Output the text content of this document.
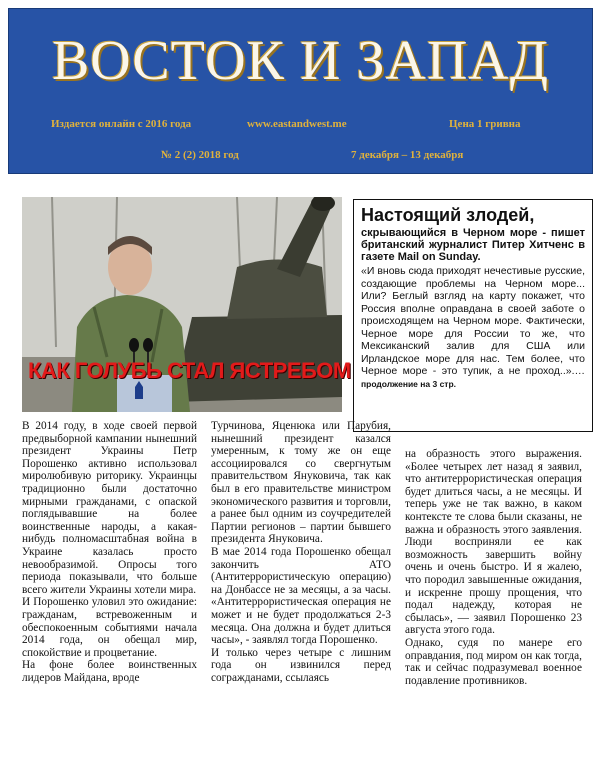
ВОСТОК И ЗАПАД
Издается онлайн с 2016 года	www.eastandwest.me	Цена 1 гривна
№ 2 (2) 2018 год	7 декабря – 13 декабря
КАК ГОЛУБЬ СТАЛ ЯСТРЕБОМ
Настоящий злодей,
скрывающийся в Черном море - пишет британский журналист Питер Хитченс в газете Mail on Sunday.
«И вновь сюда приходят нечестивые русские, создающие проблемы на Черном море... Или? Беглый взгляд на карту покажет, что Россия вполне оправдана в своей заботе о происходящем на Черном море. Фактически, Черное море для России то же, что Мексиканский залив для США или Ирландское море для нас. Тем более, что Черное море - это тупик, а не проход..».… продолжение на 3 стр.

В 2014 году, в ходе своей первой предвыборной кампании нынешний президент Украины Петр Порошенко активно использовал миролюбивую риторику. Украинцы традиционно были достаточно мирными гражданами, с опаской поглядывавшие на более воинственные народы, а какая-нибудь полномасштабная война в Украине казалась просто невообразимой. Опросы того периода показывали, что больше всего жители Украины хотели мира.

И Порошенко уловил это ожидание: гражданам, встревоженным и обеспокоенным событиями начала 2014 года, он обещал мир, спокойствие и процветание.

На фоне более воинственных лидеров Майдана, вроде

Турчинова, Яценюка или Парубия, нынешний президент казался умеренным, к тому же он еще ассоциировался со свергнутым правительством Януковича, так как был в его правительстве министром экономического развития и торговли, а ранее был одним из соучредителей Партии регионов – партии бывшего президента Януковича.

В мае 2014 года Порошенко обещал закончить АТО (Антитеррористическую операцию) на Донбассе не за месяцы, а за часы. «Антитеррористическая операция не может и не будет продолжаться 2-3 месяца. Она должна и будет длиться часы», - заявлял тогда Порошенко.

И только через четыре с лишним года он извинился перед согражданами, ссылаясь

на образность этого выражения. «Более четырех лет назад я заявил, что антитеррористическая операция будет длиться часы, а не месяцы. И теперь уже не так важно, в каком контексте те слова были сказаны, не важна и образность этого заявления. Люди восприняли ее как возможность завершить войну очень и очень быстро. И я жалею, что породил завышенные ожидания, и искренне прошу прощения, что подал надежду, которая не сбылась», — заявил Порошенко 23 августа этого года.

Однако, судя по манере его оправдания, под миром он как тогда, так и сейчас подразумевал военное подавление противников.
